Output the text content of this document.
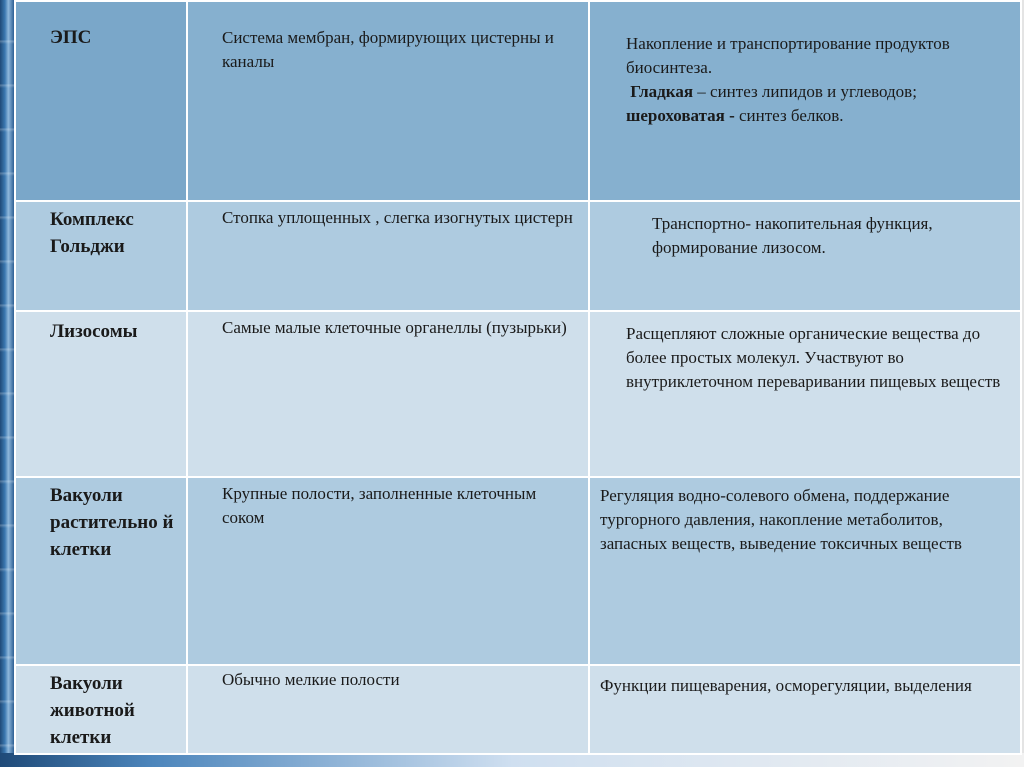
ЭПС	Система мембран, формирующих цистерны и каналы	Накопление и транспортирование продуктов биосинтеза.

Гладкая – синтез липидов и углеводов;

шероховатая - синтез белков.

Комплекс Гольджи	Стопка уплощенных , слегка изогнутых цистерн	Транспортно- накопительная функция, формирование лизосом.

Лизосомы	Самые малые клеточные органеллы (пузырьки)	Расщепляют сложные органические вещества до более простых молекул. Участвуют во внутриклеточном переваривании пищевых веществ

Вакуоли растительно й клетки	Крупные полости, заполненные клеточным соком	Регуляция водно-солевого обмена, поддержание тургорного давления, накопление метаболитов, запасных веществ, выведение токсичных веществ

Вакуоли животной клетки	Обычно мелкие полости	Функции пищеварения, осморегуляции, выделения
